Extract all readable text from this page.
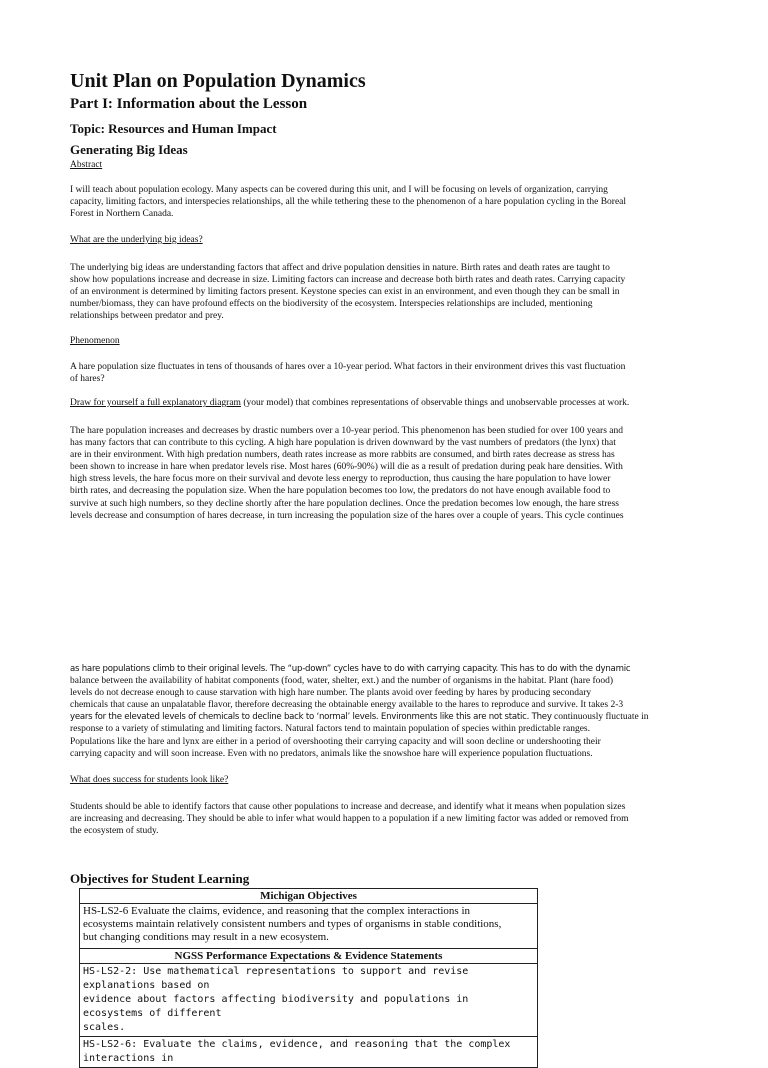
Unit Plan on Population Dynamics
Part I: Information about the Lesson
Topic: Resources and Human Impact
Generating Big Ideas
Abstract
I will teach about population ecology. Many aspects can be covered during this unit, and I will be focusing on levels of organization, carrying
capacity, limiting factors, and interspecies relationships, all the while tethering these to the phenomenon of a hare population cycling in the Boreal
Forest in Northern Canada.
What are the underlying big ideas?
The underlying big ideas are understanding factors that affect and drive population densities in nature. Birth rates and death rates are taught to
show how populations increase and decrease in size. Limiting factors can increase and decrease both birth rates and death rates. Carrying capacity
of an environment is determined by limiting factors present. Keystone species can exist in an environment, and even though they can be small in
number/biomass, they can have profound effects on the biodiversity of the ecosystem. Interspecies relationships are included, mentioning
relationships between predator and prey.
Phenomenon
A hare population size fluctuates in tens of thousands of hares over a 10-year period. What factors in their environment drives this vast fluctuation
of hares?
Draw for yourself a full explanatory diagram (your model) that combines representations of observable things and unobservable processes at work.
The hare population increases and decreases by drastic numbers over a 10-year period. This phenomenon has been studied for over 100 years and
has many factors that can contribute to this cycling. A high hare population is driven downward by the vast numbers of predators (the lynx) that
are in their environment. With high predation numbers, death rates increase as more rabbits are consumed, and birth rates decrease as stress has
been shown to increase in hare when predator levels rise. Most hares (60%-90%) will die as a result of predation during peak hare densities. With
high stress levels, the hare focus more on their survival and devote less energy to reproduction, thus causing the hare population to have lower
birth rates, and decreasing the population size. When the hare population becomes too low, the predators do not have enough available food to
survive at such high numbers, so they decline shortly after the hare population declines. Once the predation becomes low enough, the hare stress
levels decrease and consumption of hares decrease, in turn increasing the population size of the hares over a couple of years. This cycle continues
as hare populations climb to their original levels. The “up-down” cycles have to do with carrying capacity. This has to do with the dynamic
balance between the availability of habitat components (food, water, shelter, ext.) and the number of organisms in the habitat. Plant (hare food)
levels do not decrease enough to cause starvation with high hare number. The plants avoid over feeding by hares by producing secondary
chemicals that cause an unpalatable flavor, therefore decreasing the obtainable energy available to the hares to reproduce and survive. It takes 2-3
years for the elevated levels of chemicals to decline back to ‘normal’ levels. Environments like this are not static. They continuously fluctuate in
response to a variety of stimulating and limiting factors. Natural factors tend to maintain population of species within predictable ranges.
Populations like the hare and lynx are either in a period of overshooting their carrying capacity and will soon decline or undershooting their
carrying capacity and will soon increase. Even with no predators, animals like the snowshoe hare will experience population fluctuations.
What does success for students look like?
Students should be able to identify factors that cause other populations to increase and decrease, and identify what it means when population sizes
are increasing and decreasing. They should be able to infer what would happen to a population if a new limiting factor was added or removed from
the ecosystem of study.
Objectives for Student Learning
Michigan Objectives

HS-LS2-6 Evaluate the claims, evidence, and reasoning that the complex interactions in
ecosystems maintain relatively consistent numbers and types of organisms in stable conditions,
but changing conditions may result in a new ecosystem.

NGSS Performance Expectations & Evidence Statements

HS-LS2-2: Use mathematical representations to support and revise explanations based on
evidence about factors affecting biodiversity and populations in ecosystems of different
scales.

HS-LS2-6: Evaluate the claims, evidence, and reasoning that the complex interactions in
